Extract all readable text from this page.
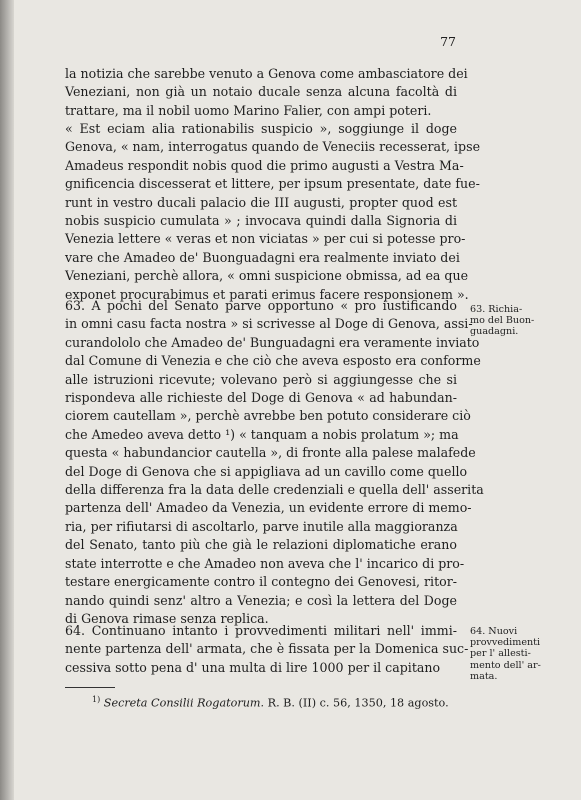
77
la notizia che sarebbe venuto a Genova come ambasciatore dei
Veneziani, non già un notaio ducale senza alcuna facoltà di
trattare, ma il nobil uomo Marino Falier, con ampi poteri.
« Est eciam alia rationabilis suspicio », soggiunge il doge
Genova, « nam, interrogatus quando de Veneciis recesserat, ipse
Amadeus respondit nobis quod die primo augusti a Vestra Ma-
gnificencia discesserat et littere, per ipsum presentate, date fue-
runt in vestro ducali palacio die III augusti, propter quod est
nobis suspicio cumulata » ; invocava quindi dalla Signoria di
Venezia lettere « veras et non viciatas » per cui si potesse pro-
vare che Amadeo de' Buonguadagni era realmente inviato dei
Veneziani, perchè allora, « omni suspicione obmissa, ad ea que
exponet procurabimus et parati erimus facere responsionem ».
63. A pochi del Senato parve opportuno « pro iustificando
in omni casu facta nostra » si scrivesse al Doge di Genova, assi-
curandololo che Amadeo de' Bunguadagni era veramente inviato
dal Comune di Venezia e che ciò che aveva esposto era conforme
alle istruzioni ricevute; volevano però si aggiungesse che si
rispondeva alle richieste del Doge di Genova « ad habundan-
ciorem cautellam », perchè avrebbe ben potuto considerare ciò
che Amedeo aveva detto ¹) « tanquam a nobis prolatum »; ma
questa « habundancior cautella », di fronte alla palese malafede
del Doge di Genova che si appigliava ad un cavillo come quello
della differenza fra la data delle credenziali e quella dell' asserita
partenza dell' Amadeo da Venezia, un evidente errore di memo-
ria, per rifiutarsi di ascoltarlo, parve inutile alla maggioranza
del Senato, tanto più che già le relazioni diplomatiche erano
state interrotte e che Amadeo non aveva che l' incarico di pro-
testare energicamente contro il contegno dei Genovesi, ritor-
nando quindi senz' altro a Venezia; e così la lettera del Doge
di Genova rimase senza replica.
64. Continuano intanto i provvedimenti militari nell' immi-
nente partenza dell' armata, che è fissata per la Domenica suc-
cessiva sotto pena d' una multa di lire 1000 per il capitano
63. Richia-
mo del Buon-
guadagni.
64. Nuovi
provvedimenti
per l' allesti-
mento dell' ar-
mata.
$^{1)}$ Secreta Consilii Rogatorum. R. B. (II) c. 56, 1350, 18 agosto.
